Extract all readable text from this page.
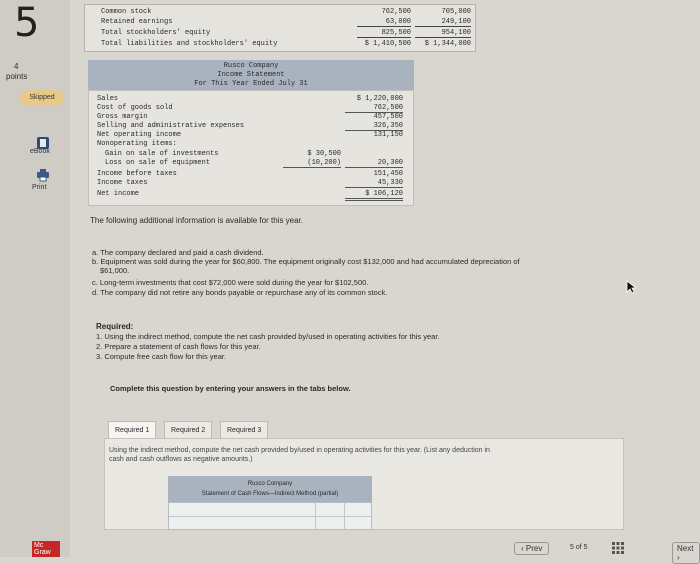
5
4
points
Skipped
eBook
Print
Mc Graw
Common stock	762,500	705,000
Retained earnings	63,000	249,100
Total stockholders' equity	825,500	954,100
Total liabilities and stockholders' equity	$ 1,410,500	$ 1,344,000
Rusco Company
Income Statement
For This Year Ended July 31
Sales	$ 1,220,000
Cost of goods sold	762,500
Gross margin	457,500
Selling and administrative expenses	326,350
Net operating income	131,150
Nonoperating items:
Gain on sale of investments	$ 30,500
Loss on sale of equipment	(10,200)	20,300
Income before taxes	151,450
Income taxes	45,330
Net income	$ 106,120
The following additional information is available for this year.
a. The company declared and paid a cash dividend.
b. Equipment was sold during the year for $60,800. The equipment originally cost $132,000 and had accumulated depreciation of
$61,000.
c. Long-term investments that cost $72,000 were sold during the year for $102,500.
d. The company did not retire any bonds payable or repurchase any of its common stock.
Required:
1. Using the indirect method, compute the net cash provided by/used in operating activities for this year.
2. Prepare a statement of cash flows for this year.
3. Compute free cash flow for this year.
Complete this question by entering your answers in the tabs below.
Required 1	Required 2	Required 3
Using the indirect method, compute the net cash provided by/used in operating activities for this year. (List any deduction in
cash and cash outflows as negative amounts.)
Rusco Company
Statement of Cash Flows—Indirect Method (partial)
‹ Prev	5 of 5	Next ›
